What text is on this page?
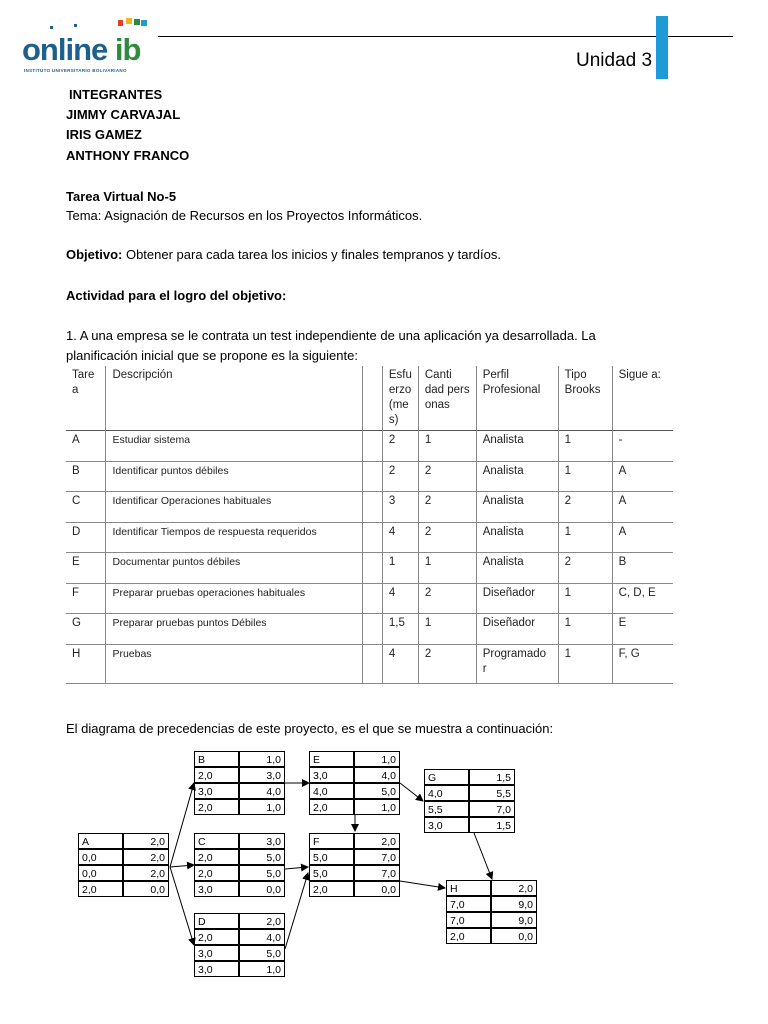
online ib
INSTITUTO UNIVERSITARIO BOLIVARIANO	Unidad 3
INTEGRANTES
JIMMY CARVAJAL
IRIS GAMEZ
ANTHONY FRANCO
Tarea Virtual No-5
Tema: Asignación de Recursos en los Proyectos Informáticos.
Objetivo: Obtener para cada tarea los inicios y finales tempranos y tardíos.
Actividad para el logro del objetivo:
1. A una empresa se le contrata un test independiente de una aplicación ya desarrollada. La
planificación inicial que se propone es la siguiente:
Tare a	Descripción		Esfu erzo (me s)	Canti dad pers onas	Perfil Profesional	Tipo Brooks	Sigue a:
A	Estudiar sistema		2	1	Analista	1	-
B	Identificar puntos débiles		2	2	Analista	1	A
C	Identificar Operaciones habituales		3	2	Analista	2	A
D	Identificar Tiempos de respuesta requeridos		4	2	Analista	1	A
E	Documentar puntos débiles		1	1	Analista	2	B
F	Preparar pruebas operaciones habituales		4	2	Diseñador	1	C, D, E
G	Preparar pruebas puntos Débiles		1,5	1	Diseñador	1	E
H	Pruebas		4	2	Programado r	1	F, G
El diagrama de precedencias de este proyecto, es el que se muestra a continuación:
A	2,0
0,0	2,0
0,0	2,0
2,0	0,0
B	1,0
2,0	3,0
3,0	4,0
2,0	1,0
C	3,0
2,0	5,0
2,0	5,0
3,0	0,0
D	2,0
2,0	4,0
3,0	5,0
3,0	1,0
E	1,0
3,0	4,0
4,0	5,0
2,0	1,0
F	2,0
5,0	7,0
5,0	7,0
2,0	0,0
G	1,5
4,0	5,5
5,5	7,0
3,0	1,5
H	2,0
7,0	9,0
7,0	9,0
2,0	0,0
